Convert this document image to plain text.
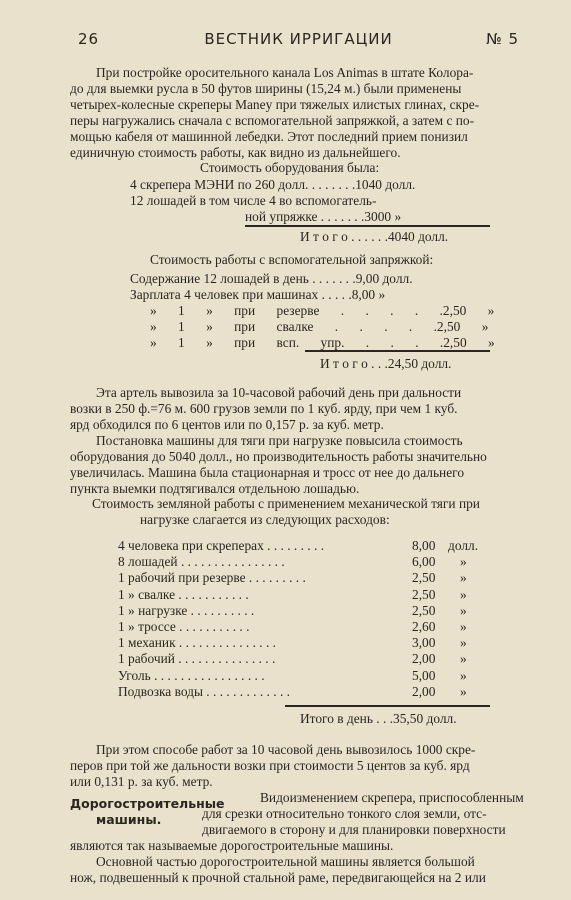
26	ВЕСТНИК ИРРИГАЦИИ	№ 5
При постройке оросительного канала Los Animas в штате Колора-
до для выемки русла в 50 футов ширины (15,24 м.) были применены
четырех-колесные скреперы Maney при тяжелых илистых глинах, скре-
перы нагружались сначала с вспомогательной запряжкой, а затем с по-
мощью кабеля от машинной лебедки. Этот последний прием понизил
единичную стоимость работы, как видно из дальнейшего.
Стоимость оборудования была:
4 скрепера МЭНИ по 260 долл. . . . . . . .1040 долл.
12 лошадей в том числе 4 во вспомогатель-
ной упряжке . . . . . . .3000 »
И т о г о . . . . . .4040 долл.
Стоимость работы с вспомогательной запряжкой:
Содержание 12 лошадей в день . . . . . . .9,00 долл.
Зарплата 4 человек при машинах . . . . .8,00 »
» 1 » при резерве . . . . .2,50 »
» 1 » при свалке . . . . .2,50 »
» 1 » при всп. упр. . . . .2,50 »
И т о г о . . .24,50 долл.
Эта артель вывозила за 10-часовой рабочий день при дальности
возки в 250 ф.=76 м. 600 грузов земли по 1 куб. ярду, при чем 1 куб.
ярд обходился по 6 центов или по 0,157 р. за куб. метр.
Постановка машины для тяги при нагрузке повысила стоимость
оборудования до 5040 долл., но производительность работы значительно
увеличилась. Машина была стационарная и тросс от нее до дальнего
пункта выемки подтягивался отдельною лошадью.
Стоимость земляной работы с применением механической тяги при
нагрузке слагается из следующих расходов:
4 человека при скреперах . . . . . . . . .	8,00 долл.
8 лошадей . . . . . . . . . . . . . . . .	6,00 »
1 рабочий при резерве . . . . . . . . .	2,50 »
1 » свалке . . . . . . . . . . .	2,50 »
1 » нагрузке . . . . . . . . . .	2,50 »
1 » троссе . . . . . . . . . . .	2,60 »
1 механик . . . . . . . . . . . . . . .	3,00 »
1 рабочий . . . . . . . . . . . . . . .	2,00 »
Уголь . . . . . . . . . . . . . . . . .	5,00 »
Подвозка воды . . . . . . . . . . . . .	2,00 »
Итого в день . . .35,50 долл.
При этом способе работ за 10 часовой день вывозилось 1000 скре-
перов при той же дальности возки при стоимости 5 центов за куб. ярд
или 0,131 р. за куб. метр.
Дорогостроительные
машины.
Видоизменением скрепера, приспособленным
для срезки относительно тонкого слоя земли, отс-
двигаемого в сторону и для планировки поверхности
являются так называемые дорогостроительные машины.
Основной частью дорогостроительной машины является большой
нож, подвешенный к прочной стальной раме, передвигающейся на 2 или
